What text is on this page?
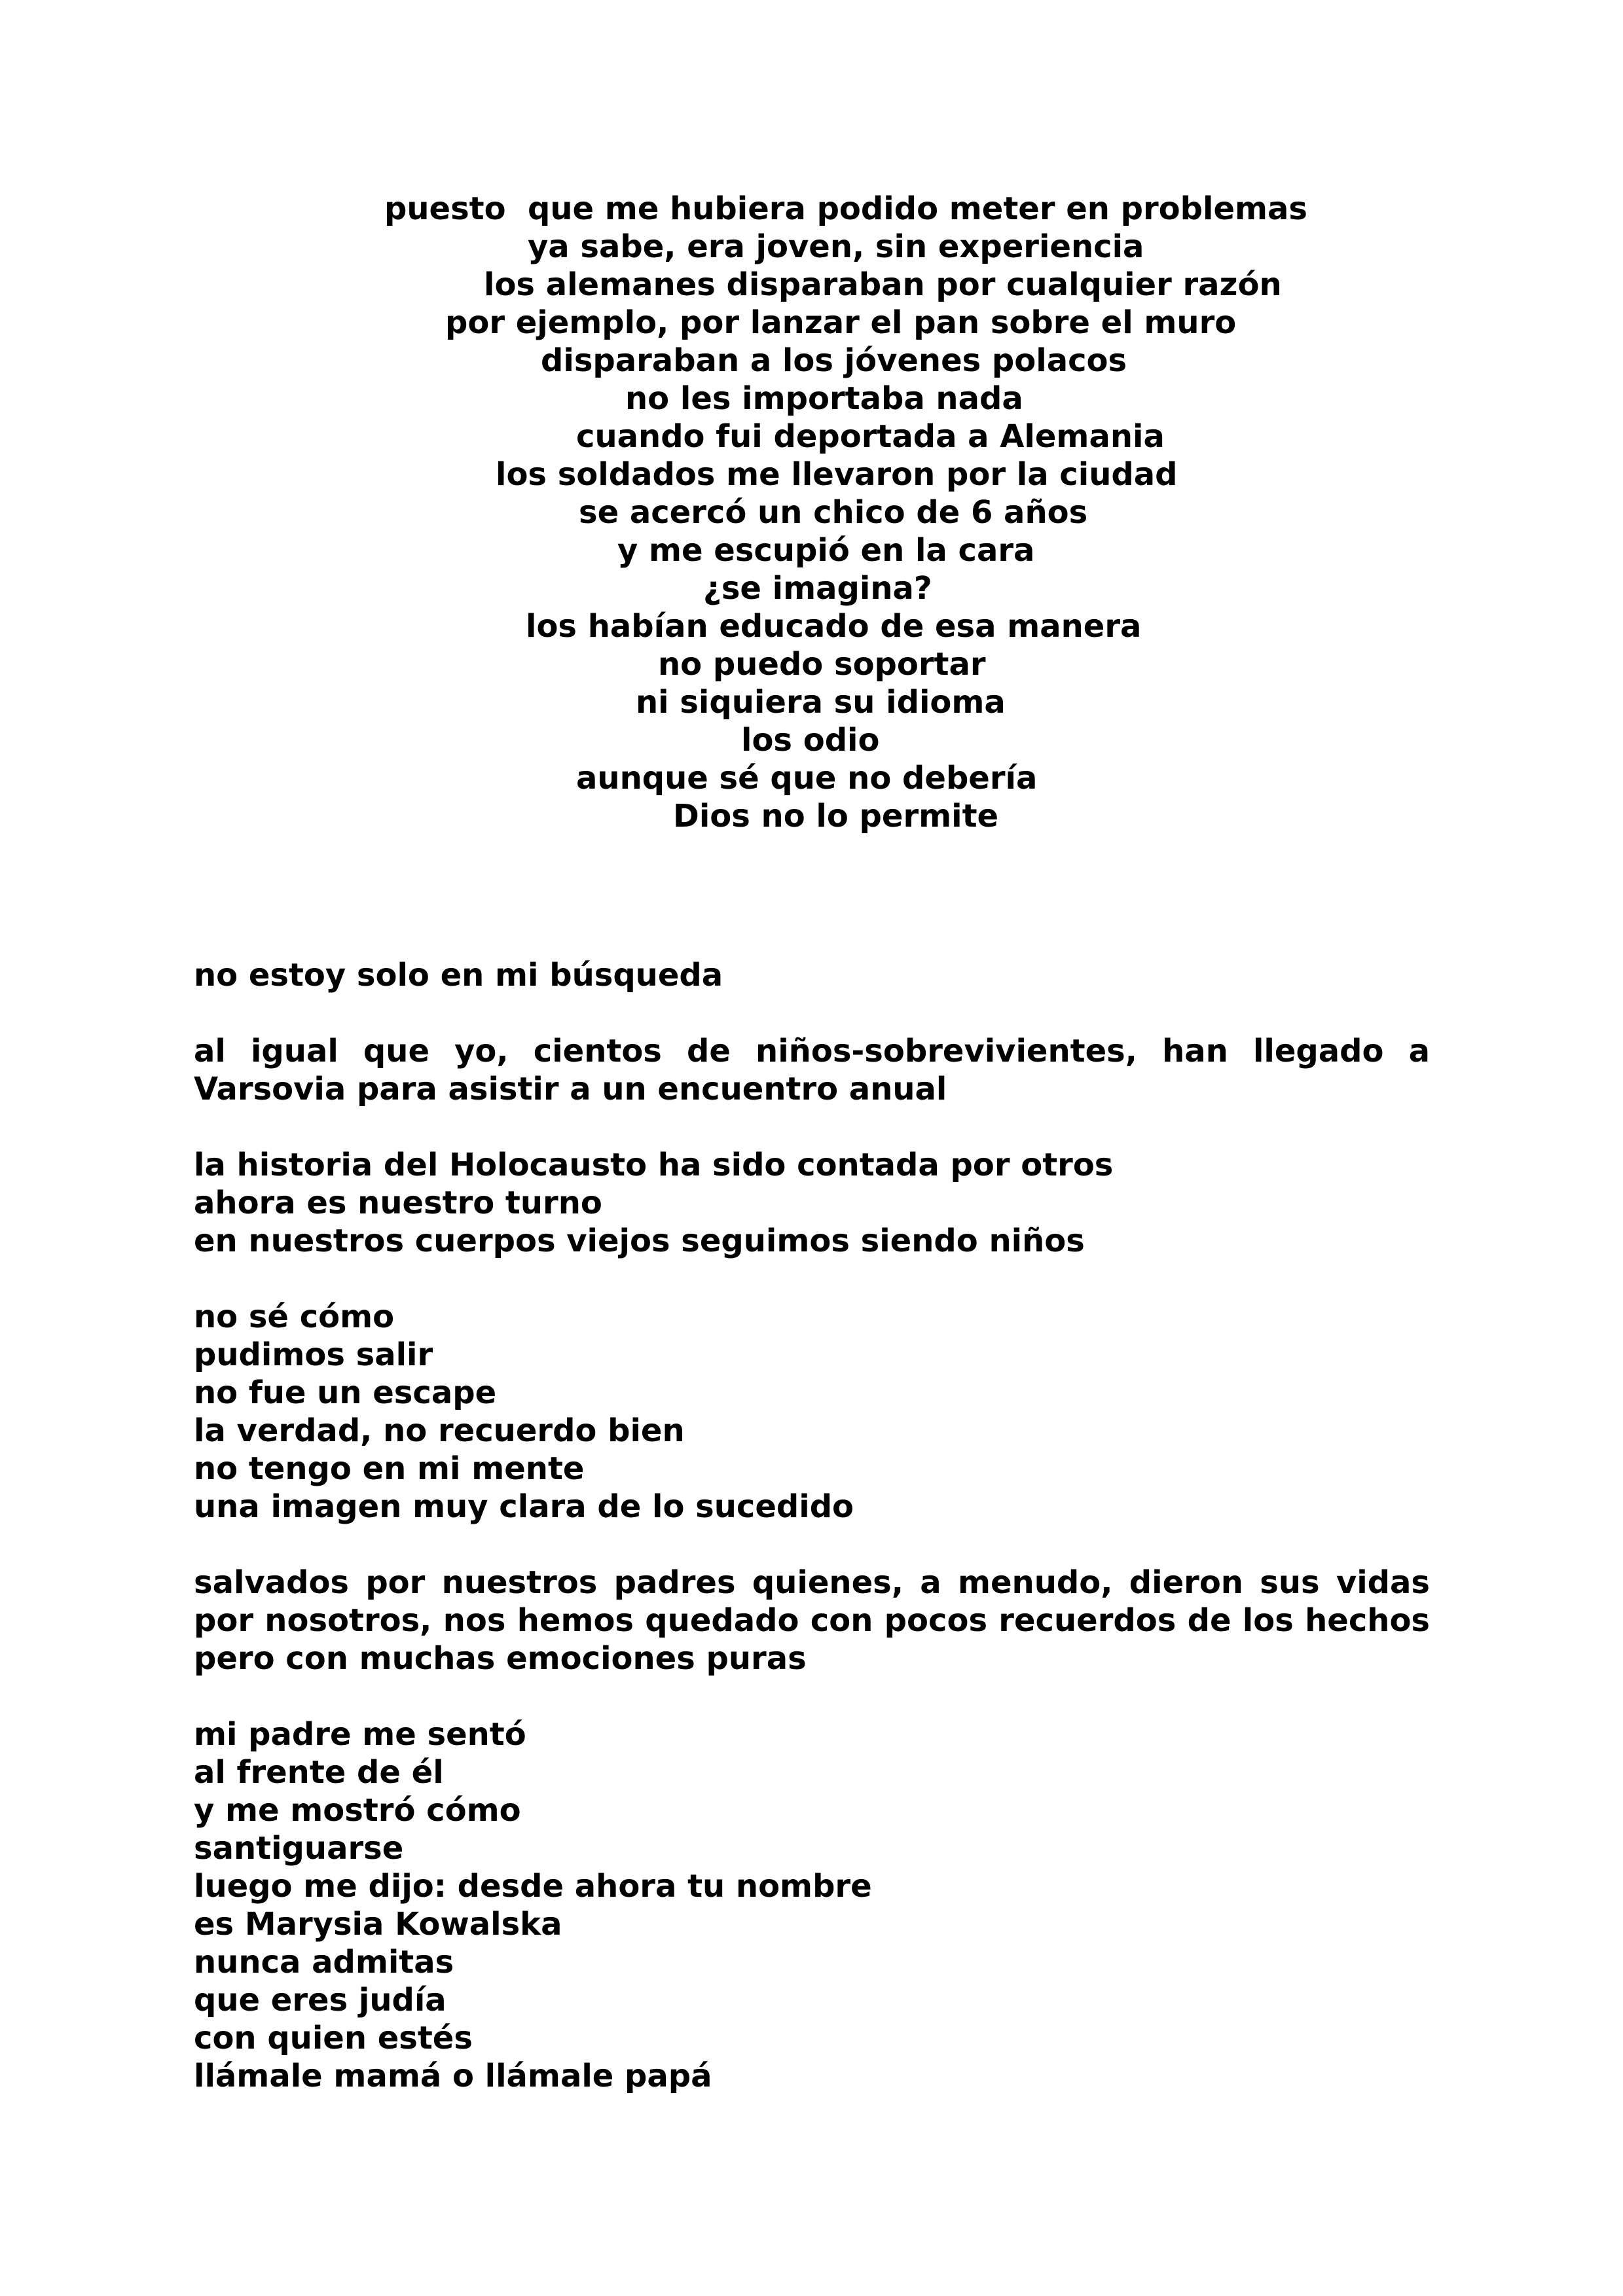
puesto  que me hubiera podido meter en problemas
ya sabe, era joven, sin experiencia
los alemanes disparaban por cualquier razón
por ejemplo, por lanzar el pan sobre el muro
disparaban a los jóvenes polacos
no les importaba nada
cuando fui deportada a Alemania
los soldados me llevaron por la ciudad
se acercó un chico de 6 años
y me escupió en la cara
¿se imagina?
los habían educado de esa manera
no puedo soportar
ni siquiera su idioma
los odio
aunque sé que no debería
Dios no lo permite
no estoy solo en mi búsqueda
al igual que yo, cientos de niños-sobrevivientes, han llegado a Varsovia para asistir a un encuentro anual
la historia del Holocausto ha sido contada por otros
ahora es nuestro turno
en nuestros cuerpos viejos seguimos siendo niños
no sé cómo
pudimos salir
no fue un escape
la verdad, no recuerdo bien
no tengo en mi mente
una imagen muy clara de lo sucedido
salvados por nuestros padres quienes, a menudo, dieron sus vidas por nosotros, nos hemos quedado con pocos recuerdos de los hechos pero con muchas emociones puras
mi padre me sentó
al frente de él
y me mostró cómo
santiguarse
luego me dijo: desde ahora tu nombre
es Marysia Kowalska
nunca admitas
que eres judía
con quien estés
llámale mamá o llámale papá
